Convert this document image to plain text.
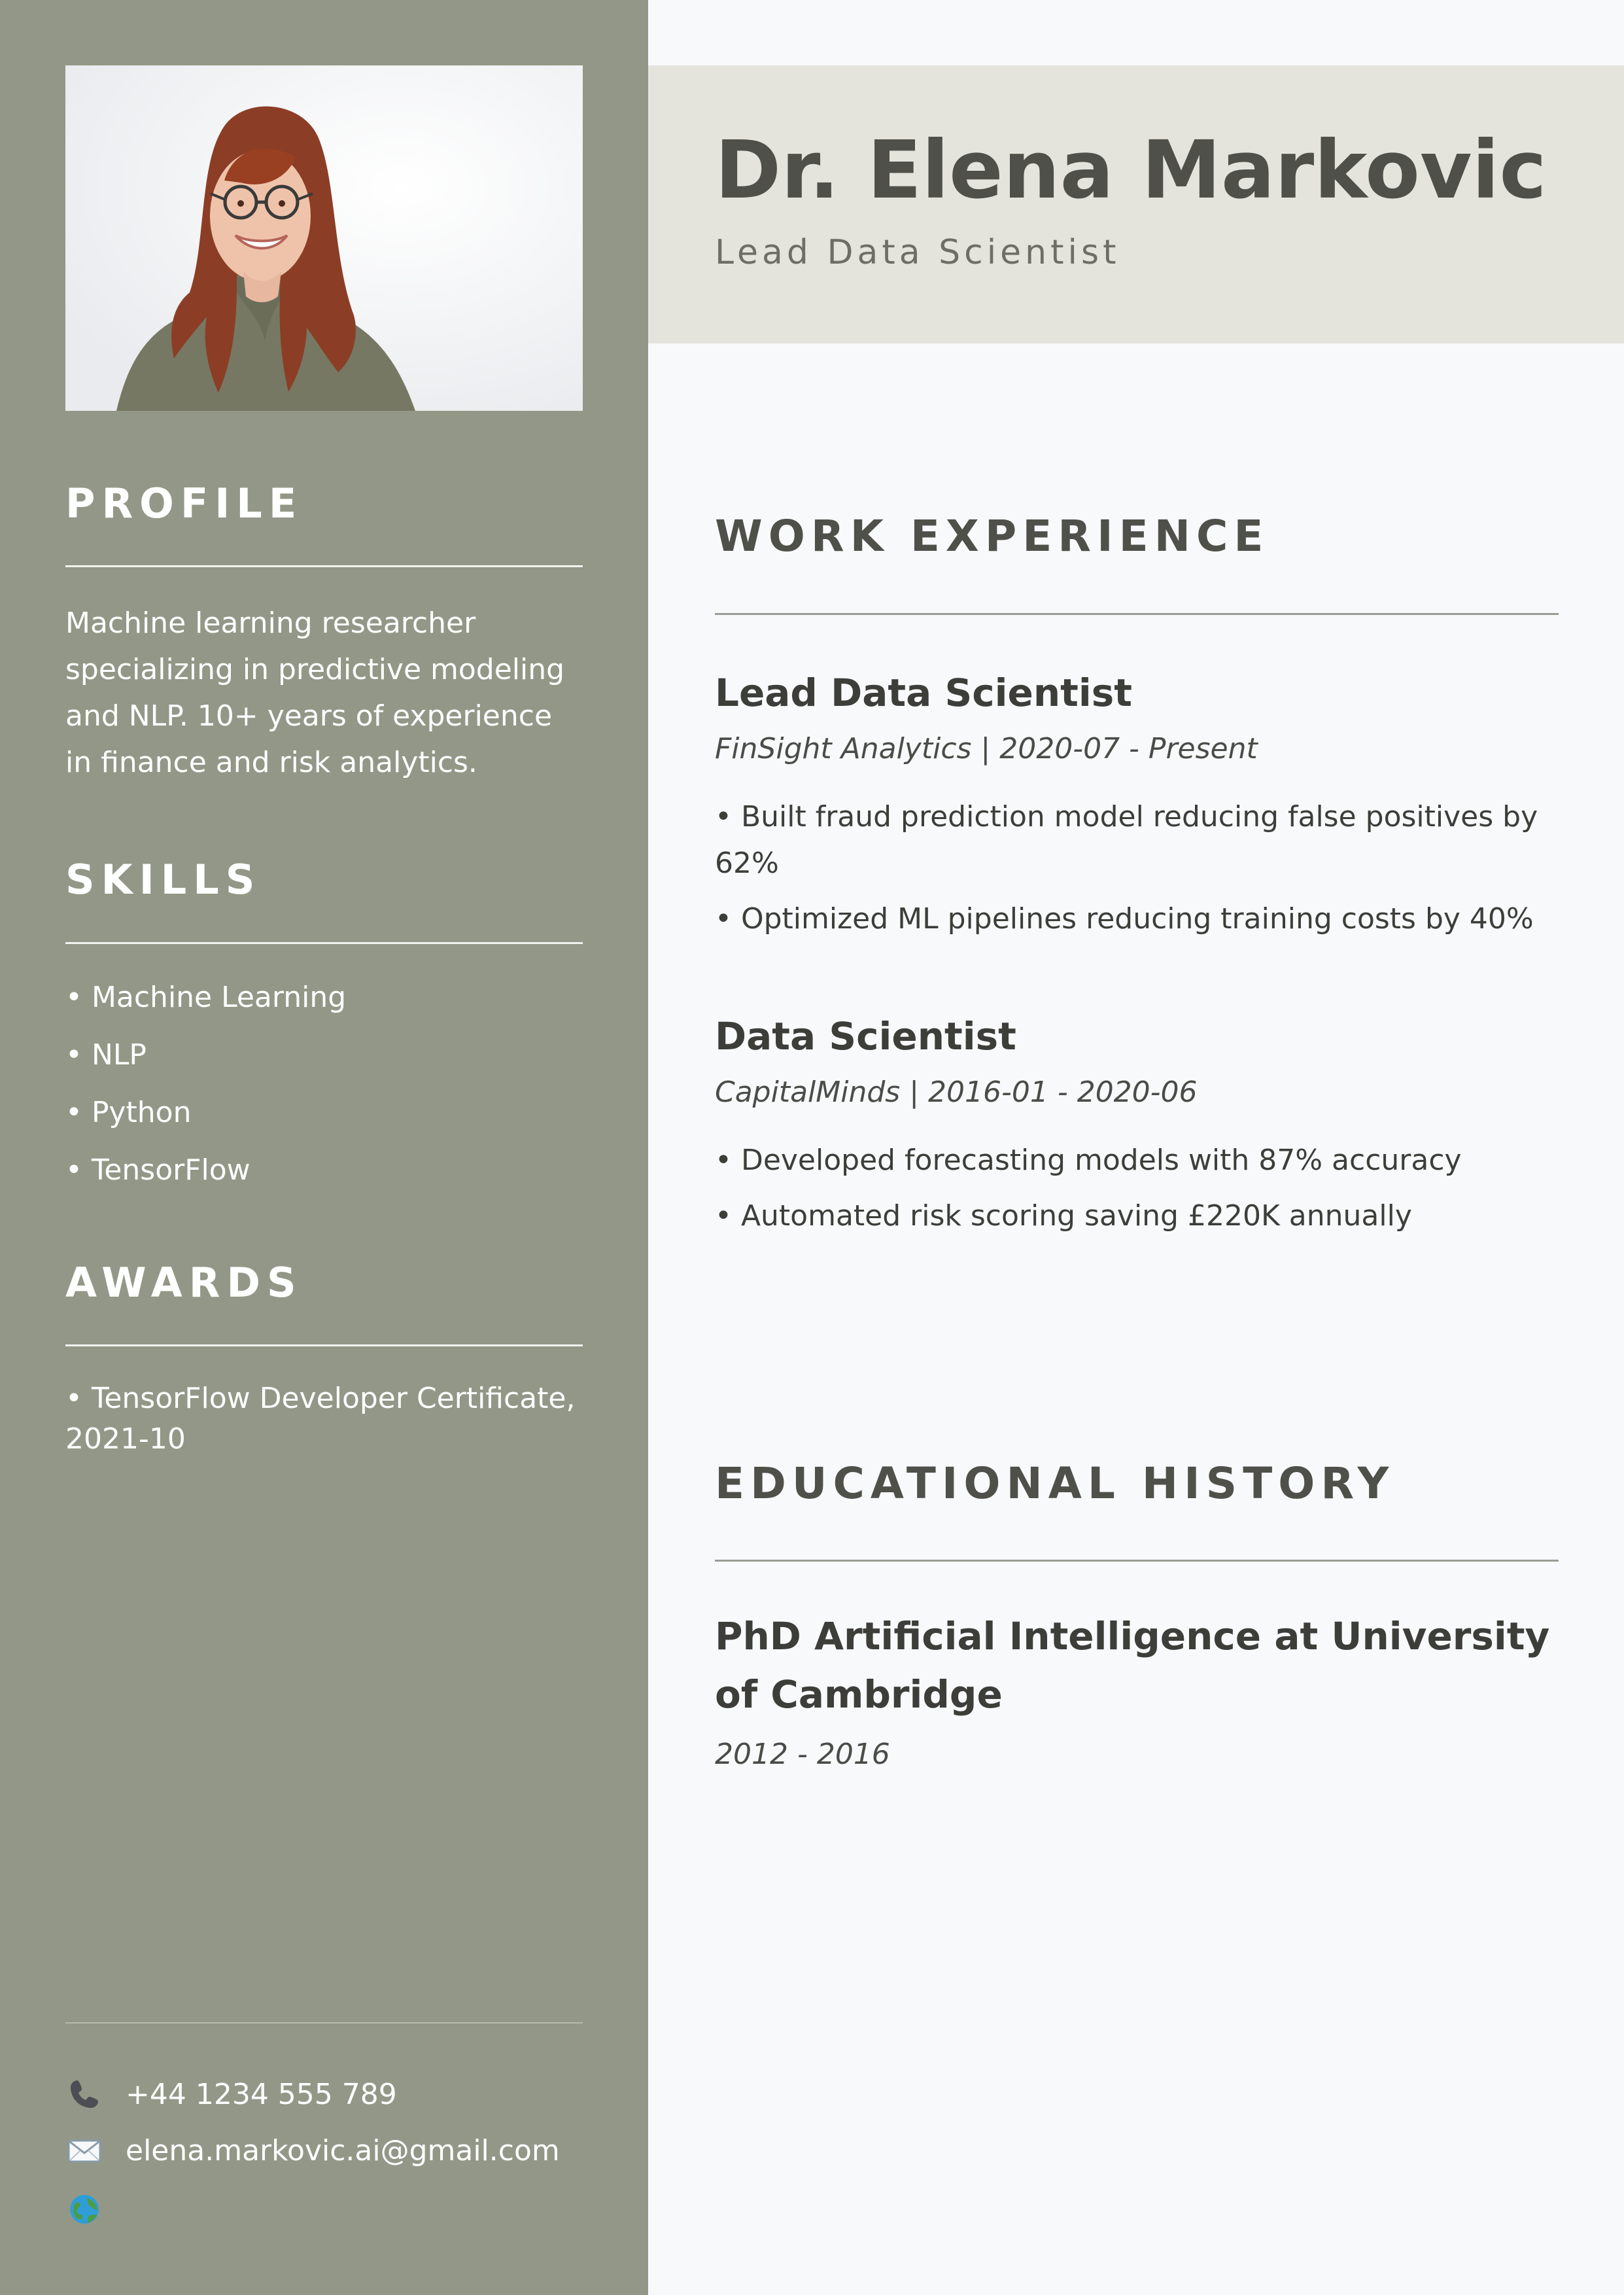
PROFILE

Machine learning researcher specializing in predictive modeling and NLP. 10+ years of experience in finance and risk analytics.

SKILLS
• Machine Learning
• NLP
• Python
• TensorFlow
AWARDS

• TensorFlow Developer Certificate, 2021-10

+44 1234 555 789
elena.markovic.ai@gmail.com
Dr. Elena Markovic

Lead Data Scientist

WORK EXPERIENCE
Lead Data Scientist

FinSight Analytics | 2020-07 - Present

• Built fraud prediction model reducing false positives by 62%
• Optimized ML pipelines reducing training costs by 40%
Data Scientist

CapitalMinds | 2016-01 - 2020-06

• Developed forecasting models with 87% accuracy
• Automated risk scoring saving £220K annually
EDUCATIONAL HISTORY
PhD Artificial Intelligence at University of Cambridge

2012 - 2016
